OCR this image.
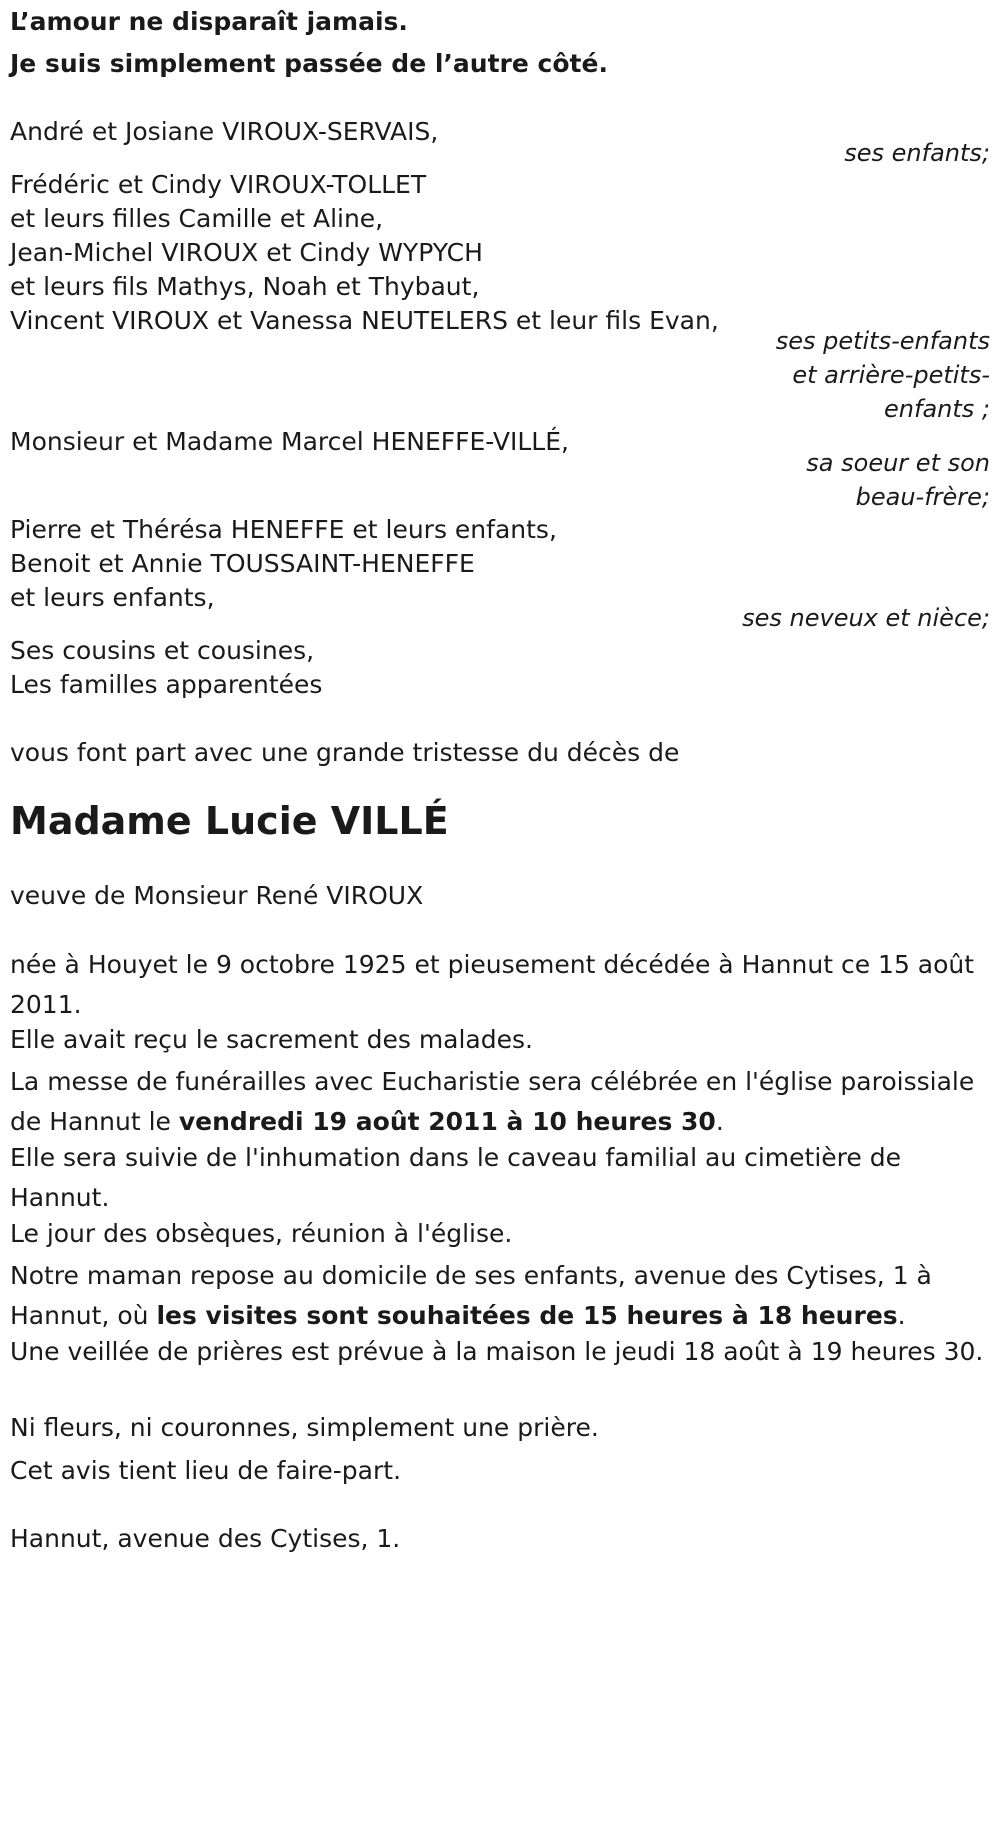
L’amour ne disparaît jamais.
Je suis simplement passée de l’autre côté.
André et Josiane VIROUX-SERVAIS,
ses enfants;
Frédéric et Cindy VIROUX-TOLLET
et leurs filles Camille et Aline,
Jean-Michel VIROUX et Cindy WYPYCH
et leurs fils Mathys, Noah et Thybaut,
Vincent VIROUX et Vanessa NEUTELERS et leur fils Evan,
ses petits-enfants
et arrière-petits-
enfants ;
Monsieur et Madame Marcel HENEFFE-VILLÉ,
sa soeur et son
beau-frère;
Pierre et Thérésa HENEFFE et leurs enfants,
Benoit et Annie TOUSSAINT-HENEFFE
et leurs enfants,
ses neveux et nièce;
Ses cousins et cousines,
Les familles apparentées
vous font part avec une grande tristesse du décès de
Madame Lucie VILLÉ
veuve de Monsieur René VIROUX
née à Houyet le 9 octobre 1925 et pieusement décédée à Hannut ce 15 août 2011.
Elle avait reçu le sacrement des malades.
La messe de funérailles avec Eucharistie sera célébrée en l'église paroissiale de Hannut le vendredi 19 août 2011 à 10 heures 30.
Elle sera suivie de l'inhumation dans le caveau familial au cimetière de Hannut.
Le jour des obsèques, réunion à l'église.
Notre maman repose au domicile de ses enfants, avenue des Cytises, 1 à Hannut, où les visites sont souhaitées de 15 heures à 18 heures.
Une veillée de prières est prévue à la maison le jeudi 18 août à 19 heures 30.
Ni fleurs, ni couronnes, simplement une prière.
Cet avis tient lieu de faire-part.
Hannut, avenue des Cytises, 1.
